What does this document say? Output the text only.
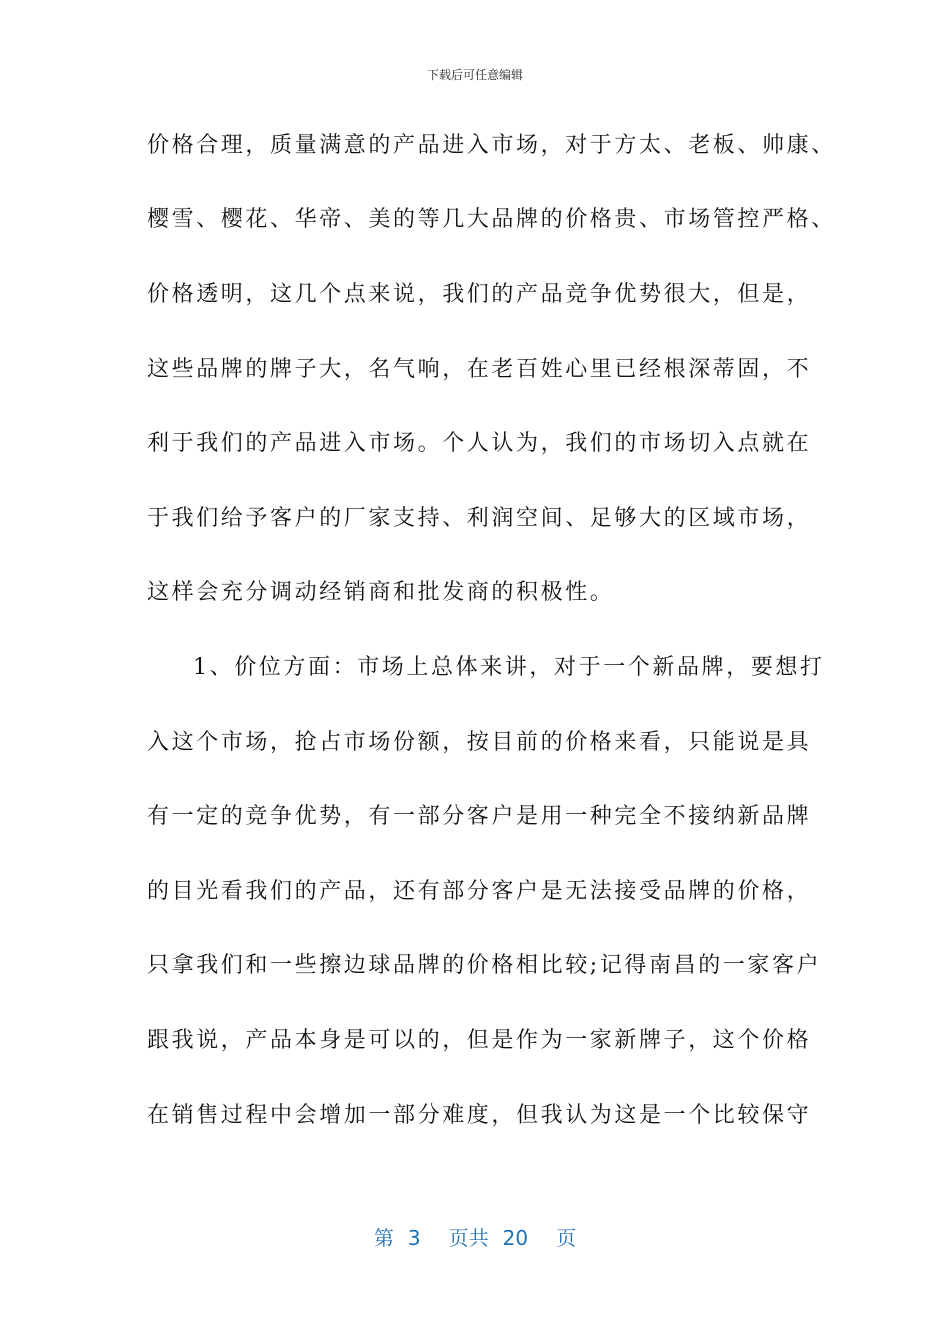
下载后可任意编辑
价格合理，质量满意的产品进入市场，对于方太、老板、帅康、
樱雪、樱花、华帝、美的等几大品牌的价格贵、市场管控严格、
价格透明，这几个点来说，我们的产品竞争优势很大，但是，
这些品牌的牌子大，名气响，在老百姓心里已经根深蒂固，不
利于我们的产品进入市场。个人认为，我们的市场切入点就在
于我们给予客户的厂家支持、利润空间、足够大的区域市场，
这样会充分调动经销商和批发商的积极性。
1、价位方面：市场上总体来讲，对于一个新品牌，要想打
入这个市场，抢占市场份额，按目前的价格来看，只能说是具
有一定的竞争优势，有一部分客户是用一种完全不接纳新品牌
的目光看我们的产品，还有部分客户是无法接受品牌的价格，
只拿我们和一些擦边球品牌的价格相比较;记得南昌的一家客户
跟我说，产品本身是可以的，但是作为一家新牌子，这个价格
在销售过程中会增加一部分难度，但我认为这是一个比较保守
第 3 页共 20 页
